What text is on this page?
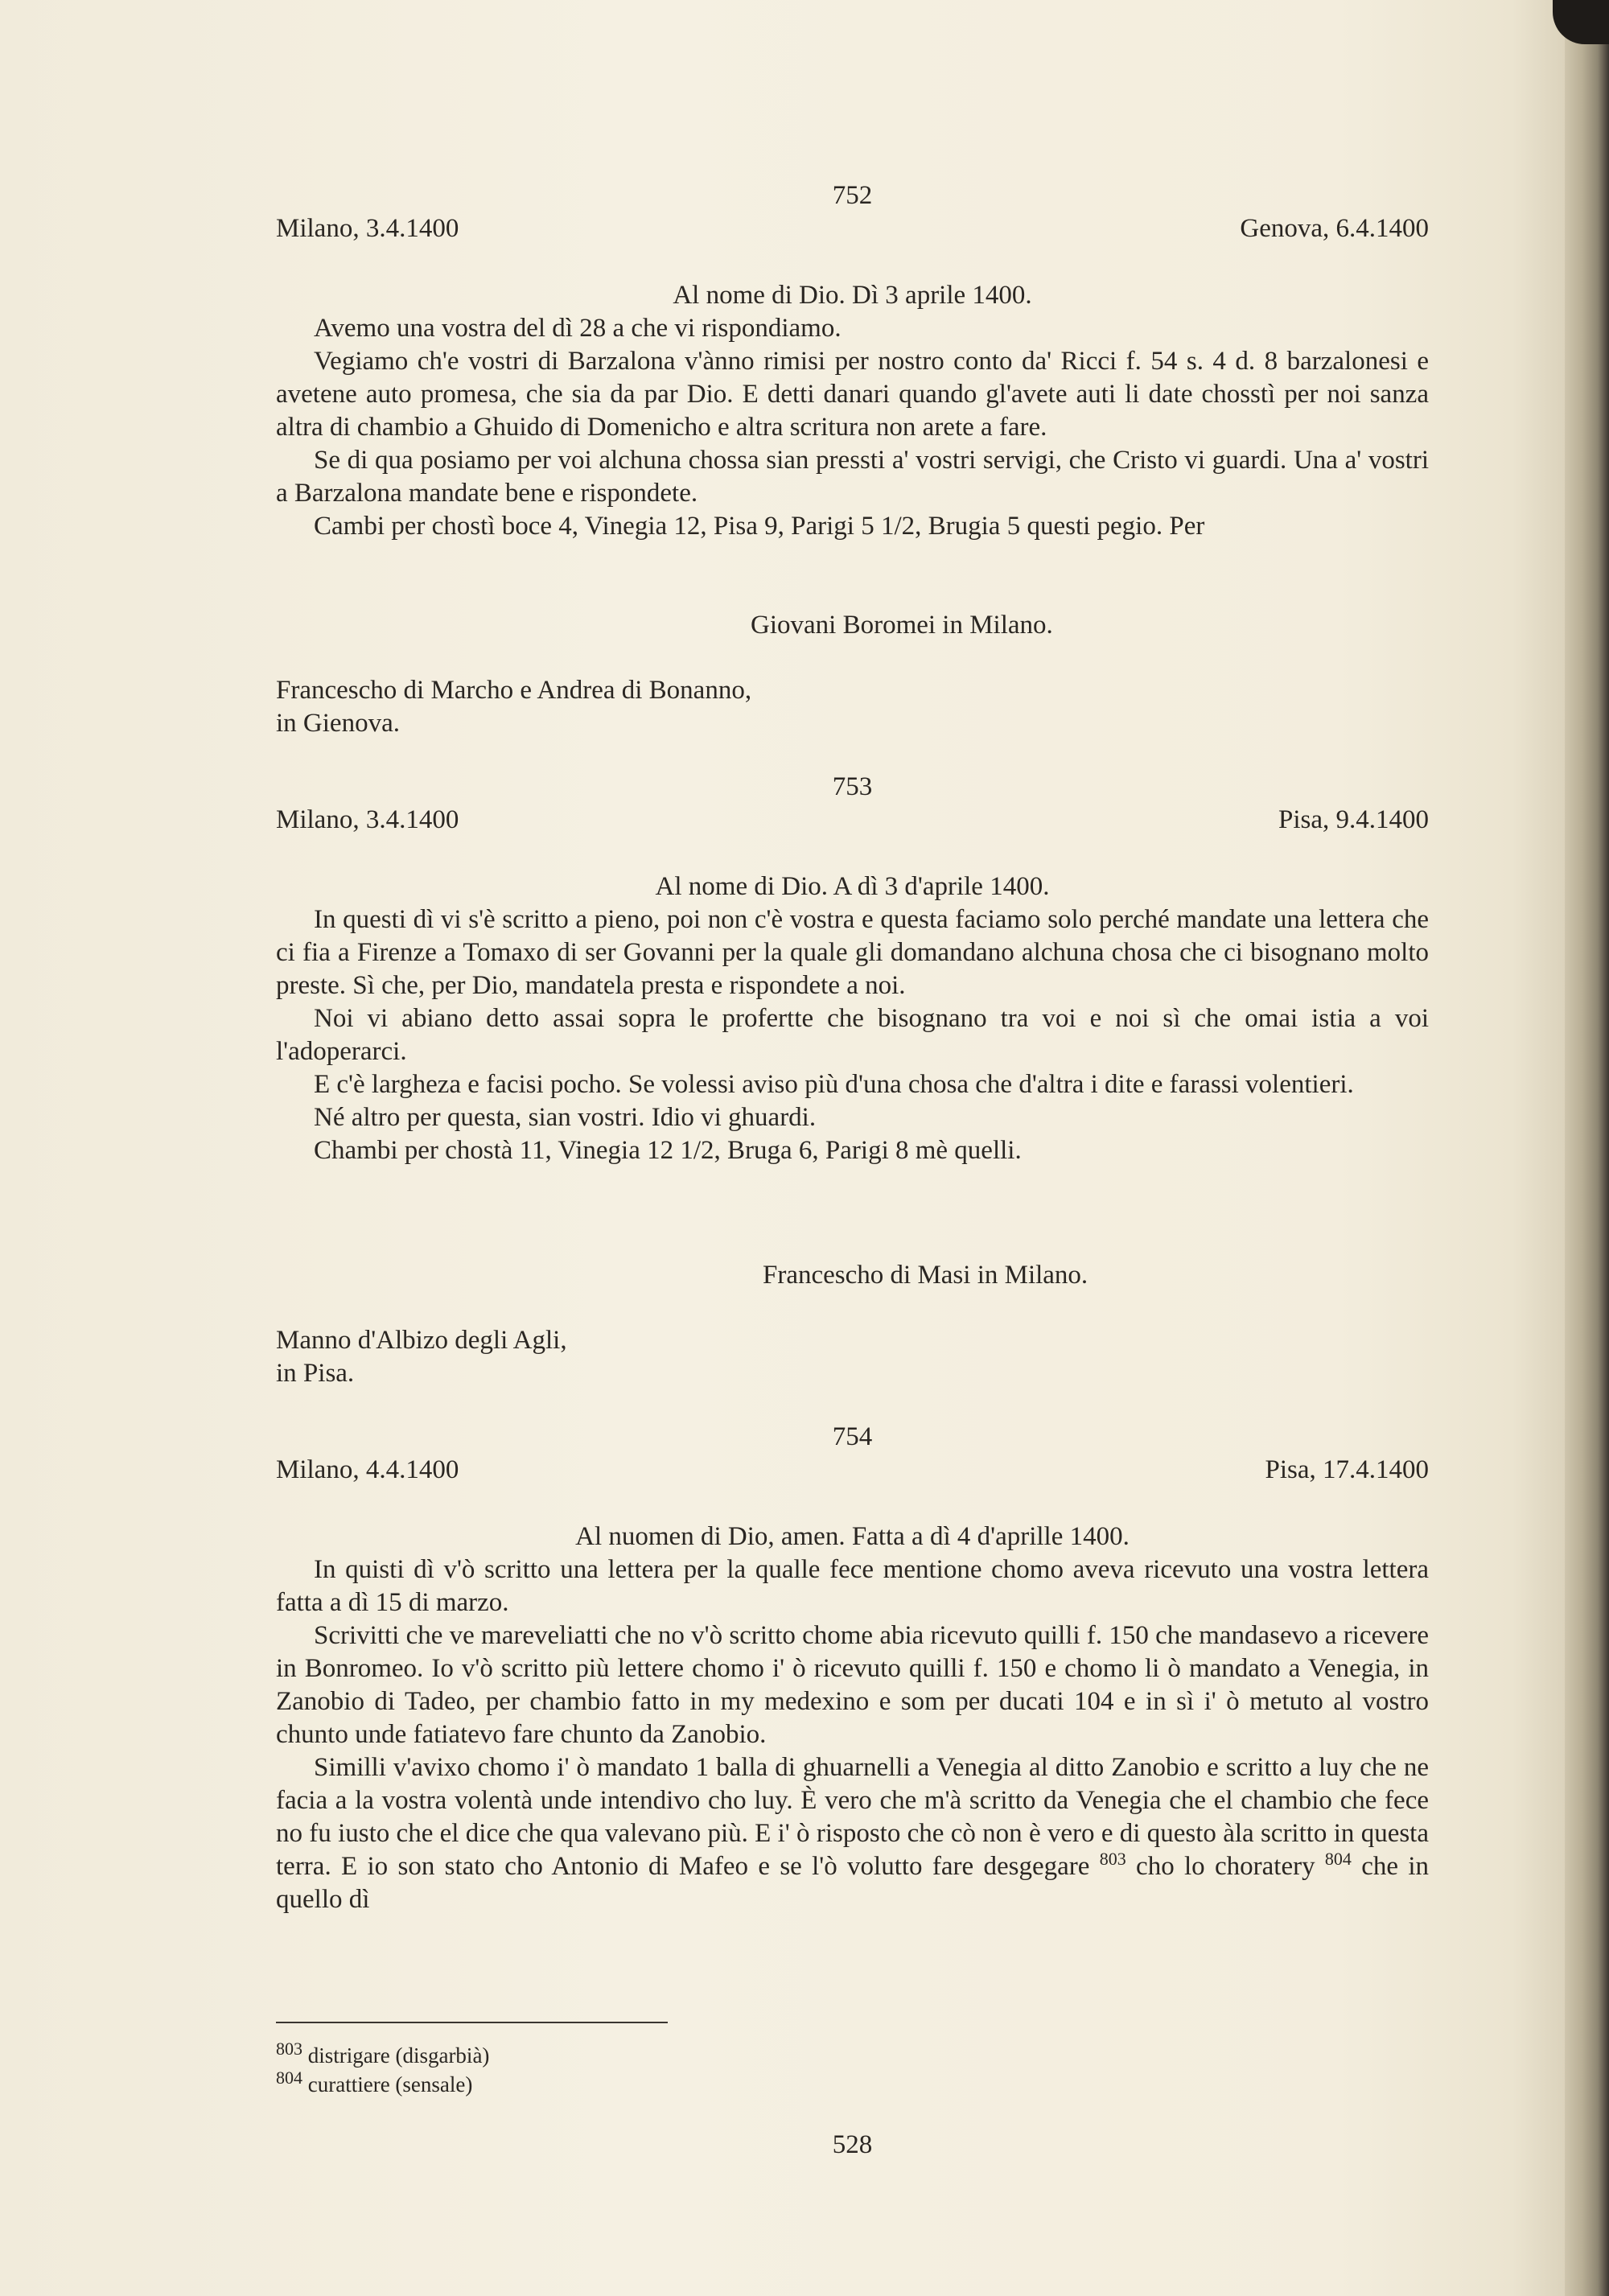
752
Milano, 3.4.1400	Genova, 6.4.1400
Al nome di Dio. Dì 3 aprile 1400.

Avemo una vostra del dì 28 a che vi rispondiamo.

Vegiamo ch'e vostri di Barzalona v'ànno rimisi per nostro conto da' Ricci f. 54 s. 4 d. 8 barzalonesi e avetene auto promesa, che sia da par Dio. E detti danari quando gl'avete auti li date chosstì per noi sanza altra di chambio a Ghuido di Domenicho e altra scritura non arete a fare.

Se di qua posiamo per voi alchuna chossa sian pressti a' vostri servigi, che Cristo vi guardi. Una a' vostri a Barzalona mandate bene e rispondete.

Cambi per chostì boce 4, Vinegia 12, Pisa 9, Parigi 5 1/2, Brugia 5 questi pegio. Per

Giovani Boromei in Milano.
Francescho di Marcho e Andrea di Bonanno,
in Gienova.
753
Milano, 3.4.1400	Pisa, 9.4.1400
Al nome di Dio. A dì 3 d'aprile 1400.

In questi dì vi s'è scritto a pieno, poi non c'è vostra e questa faciamo solo perché mandate una lettera che ci fia a Firenze a Tomaxo di ser Govanni per la quale gli domandano alchuna chosa che ci bisognano molto preste. Sì che, per Dio, mandatela presta e rispondete a noi.

Noi vi abiano detto assai sopra le profertte che bisognano tra voi e noi sì che omai istia a voi l'adoperarci.

E c'è largheza e facisi pocho. Se volessi aviso più d'una chosa che d'altra i dite e farassi volentieri.

Né altro per questa, sian vostri. Idio vi ghuardi.

Chambi per chostà 11, Vinegia 12 1/2, Bruga 6, Parigi 8 mè quelli.

Francescho di Masi in Milano.
Manno d'Albizo degli Agli,
in Pisa.
754
Milano, 4.4.1400	Pisa, 17.4.1400
Al nuomen di Dio, amen. Fatta a dì 4 d'aprille 1400.

In quisti dì v'ò scritto una lettera per la qualle fece mentione chomo aveva ricevuto una vostra lettera fatta a dì 15 di marzo.

Scrivitti che ve mareveliatti che no v'ò scritto chome abia ricevuto quilli f. 150 che mandasevo a ricevere in Bonromeo. Io v'ò scritto più lettere chomo i' ò ricevuto quilli f. 150 e chomo li ò mandato a Venegia, in Zanobio di Tadeo, per chambio fatto in my medexino e som per ducati 104 e in sì i' ò metuto al vostro chunto unde fatiatevo fare chunto da Zanobio.

Similli v'avixo chomo i' ò mandato 1 balla di ghuarnelli a Venegia al ditto Zanobio e scritto a luy che ne facia a la vostra volentà unde intendivo cho luy. È vero che m'à scritto da Venegia che el chambio che fece no fu iusto che el dice che qua valevano più. E i' ò risposto che cò non è vero e di questo àla scritto in questa terra. E io son stato cho Antonio di Mafeo e se l'ò volutto fare desgegare $^{803}$ cho lo choratery $^{804}$ che in quello dì

$^{803}$ distrigare (disgarbià)
$^{804}$ curattiere (sensale)
528
